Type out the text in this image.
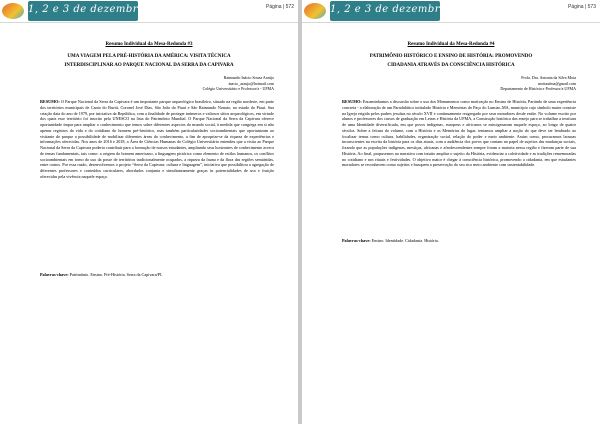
1, 2 e 3 de dezembro de 2019	Página | 572
Resumo Individual da Mesa-Redonda #3
UMA VIAGEM PELA PRÉ-HISTÓRIA DA AMÉRICA: VISITA TÉCNICA
INTERDISCIPLINAR AO PARQUE NACIONAL DA SERRA DA CAPIVARA
Raimundo Inácio Souza Araújo
inacio_araujo@hotmail.com
Colégio Universitário e Professor/a - UFMA
RESUMO: O Parque Nacional da Serra da Capivara é um importante parque arqueológico brasileiro, situado na região nordeste, em parte dos territórios municipais de Canto do Buriti, Coronel José Dias, São João do Piauí e São Raimundo Nonato, no estado do Piauí. Sua criação data do ano de 1979, por iniciativa da República, com a finalidade de proteger inúmeros e valiosos sítios arqueológicos, em virtude dos quais esse território foi inscrito pela UNESCO na lista do Patrimônio Mundial. O Parque Nacional da Serra da Capivara oferece oportunidade ímpar para ampliar o conhecimento que temos sobre diferentes aspectos do mundo social, à medida que congrega em si não apenas registros da vida e do cotidiano do homem pré-histórico, mas também particularidades socioambientais que oportunizam ao visitante do parque a possibilidade de mobilizar diferentes áreas do conhecimento, a fim de apropriar-se da riqueza de experiências e informações oferecidas. Nos anos de 2016 e 2018, a Área de Ciências Humanas do Colégio Universitário entendeu que a visita ao Parque Nacional da Serra da Capivara poderia contribuir para a formação de nossos estudantes, ampliando seus horizontes de conhecimento acerca de temas fundamentais, tais como: a origem do homem americano, a linguagem pictórica como elemento de estilos humanos, os conflitos socioambientais em torno do uso da posse de territórios tradicionalmente ocupados, a riqueza da fauna e da flora das regiões semiáridas, entre outros. Por essa razão, desenvolvemos o projeto “Serra da Capivara: cultura e linguagem”, iniciativa que possibilitou a agregação de diferentes professores e conteúdos curriculares, abordados conjunta e simultaneamente graças às potencialidades de uso e fruição oferecidas pela vivência naquele espaço.
Palavras-chave: Patrimônio. Ensino. Pré-História. Serra da Capivara/PI.
1, 2 e 3 de dezembro de 2019	Página | 573
Resumo Individual da Mesa-Redonda #4
PATRIMÔNIO HISTÓRICO E ENSINO DE HISTÓRIA: PROMOVENDO
CIDADANIA ATRAVÉS DA CONSCIÊNCIA HISTÓRICA
Profa. Dra. Antonia da Silva Mota
mottaufma@gmail.com
Departamento de História e Professor/a UFMA
RESUMO: Encaminhamos a discussão sobre o uso dos Monumentos como motivação no Ensino de História, Partindo de uma experiência concreta - a elaboração de um Paradidático intitulado História e Memórias do Paço do Lumiar–MA, município cujo símbolo maior consiste na Igreja erigida pelos padres jesuítas no século XVII e continuamente reagregado por seus moradores desde então. No volume escrito por alunos e professores dos cursos de graduação em Letras e História da UFMA, a Construção histórica das ensejo para se trabalhar a tessitura de uma Identidade diversificada, em que povos indígenas, europeus e africanos se miscigenaram naquele espaço, ao longo de quatro séculos. Sobre a feitura do volume, com a História e as Memórias do lugar, tentamos ampliar a noção do que deve ser lembrado ao focalizar temas como cultura, habilidades, organização social, relação do poder e meio ambiente. Assim como, procuramos lacunas inconscientes na escrita da história para os dias atuais, com a audiência dos povos que contam no papel de sujeitos das mudanças sociais, fixando que as populações indígenas, mestiças, africanas e afrodescendentes sempre foram a maioria nessa região e fizeram parte de sua História. Ao final, propusemos na narrativa com intuito ampliar o sujeito da História, evidenciar a coletividade e as tradições rememoradas no cotidiano e nos rituais e festividades. O objetivo maior é chegar à consciência histórica, promovendo a cidadania, em que estudantes moradores se reconhecem como sujeitos e busquem a preservação do seu rico meio ambiente com sustentabilidade.
Palavras-chave: Ensino. Identidade. Cidadania. História.
